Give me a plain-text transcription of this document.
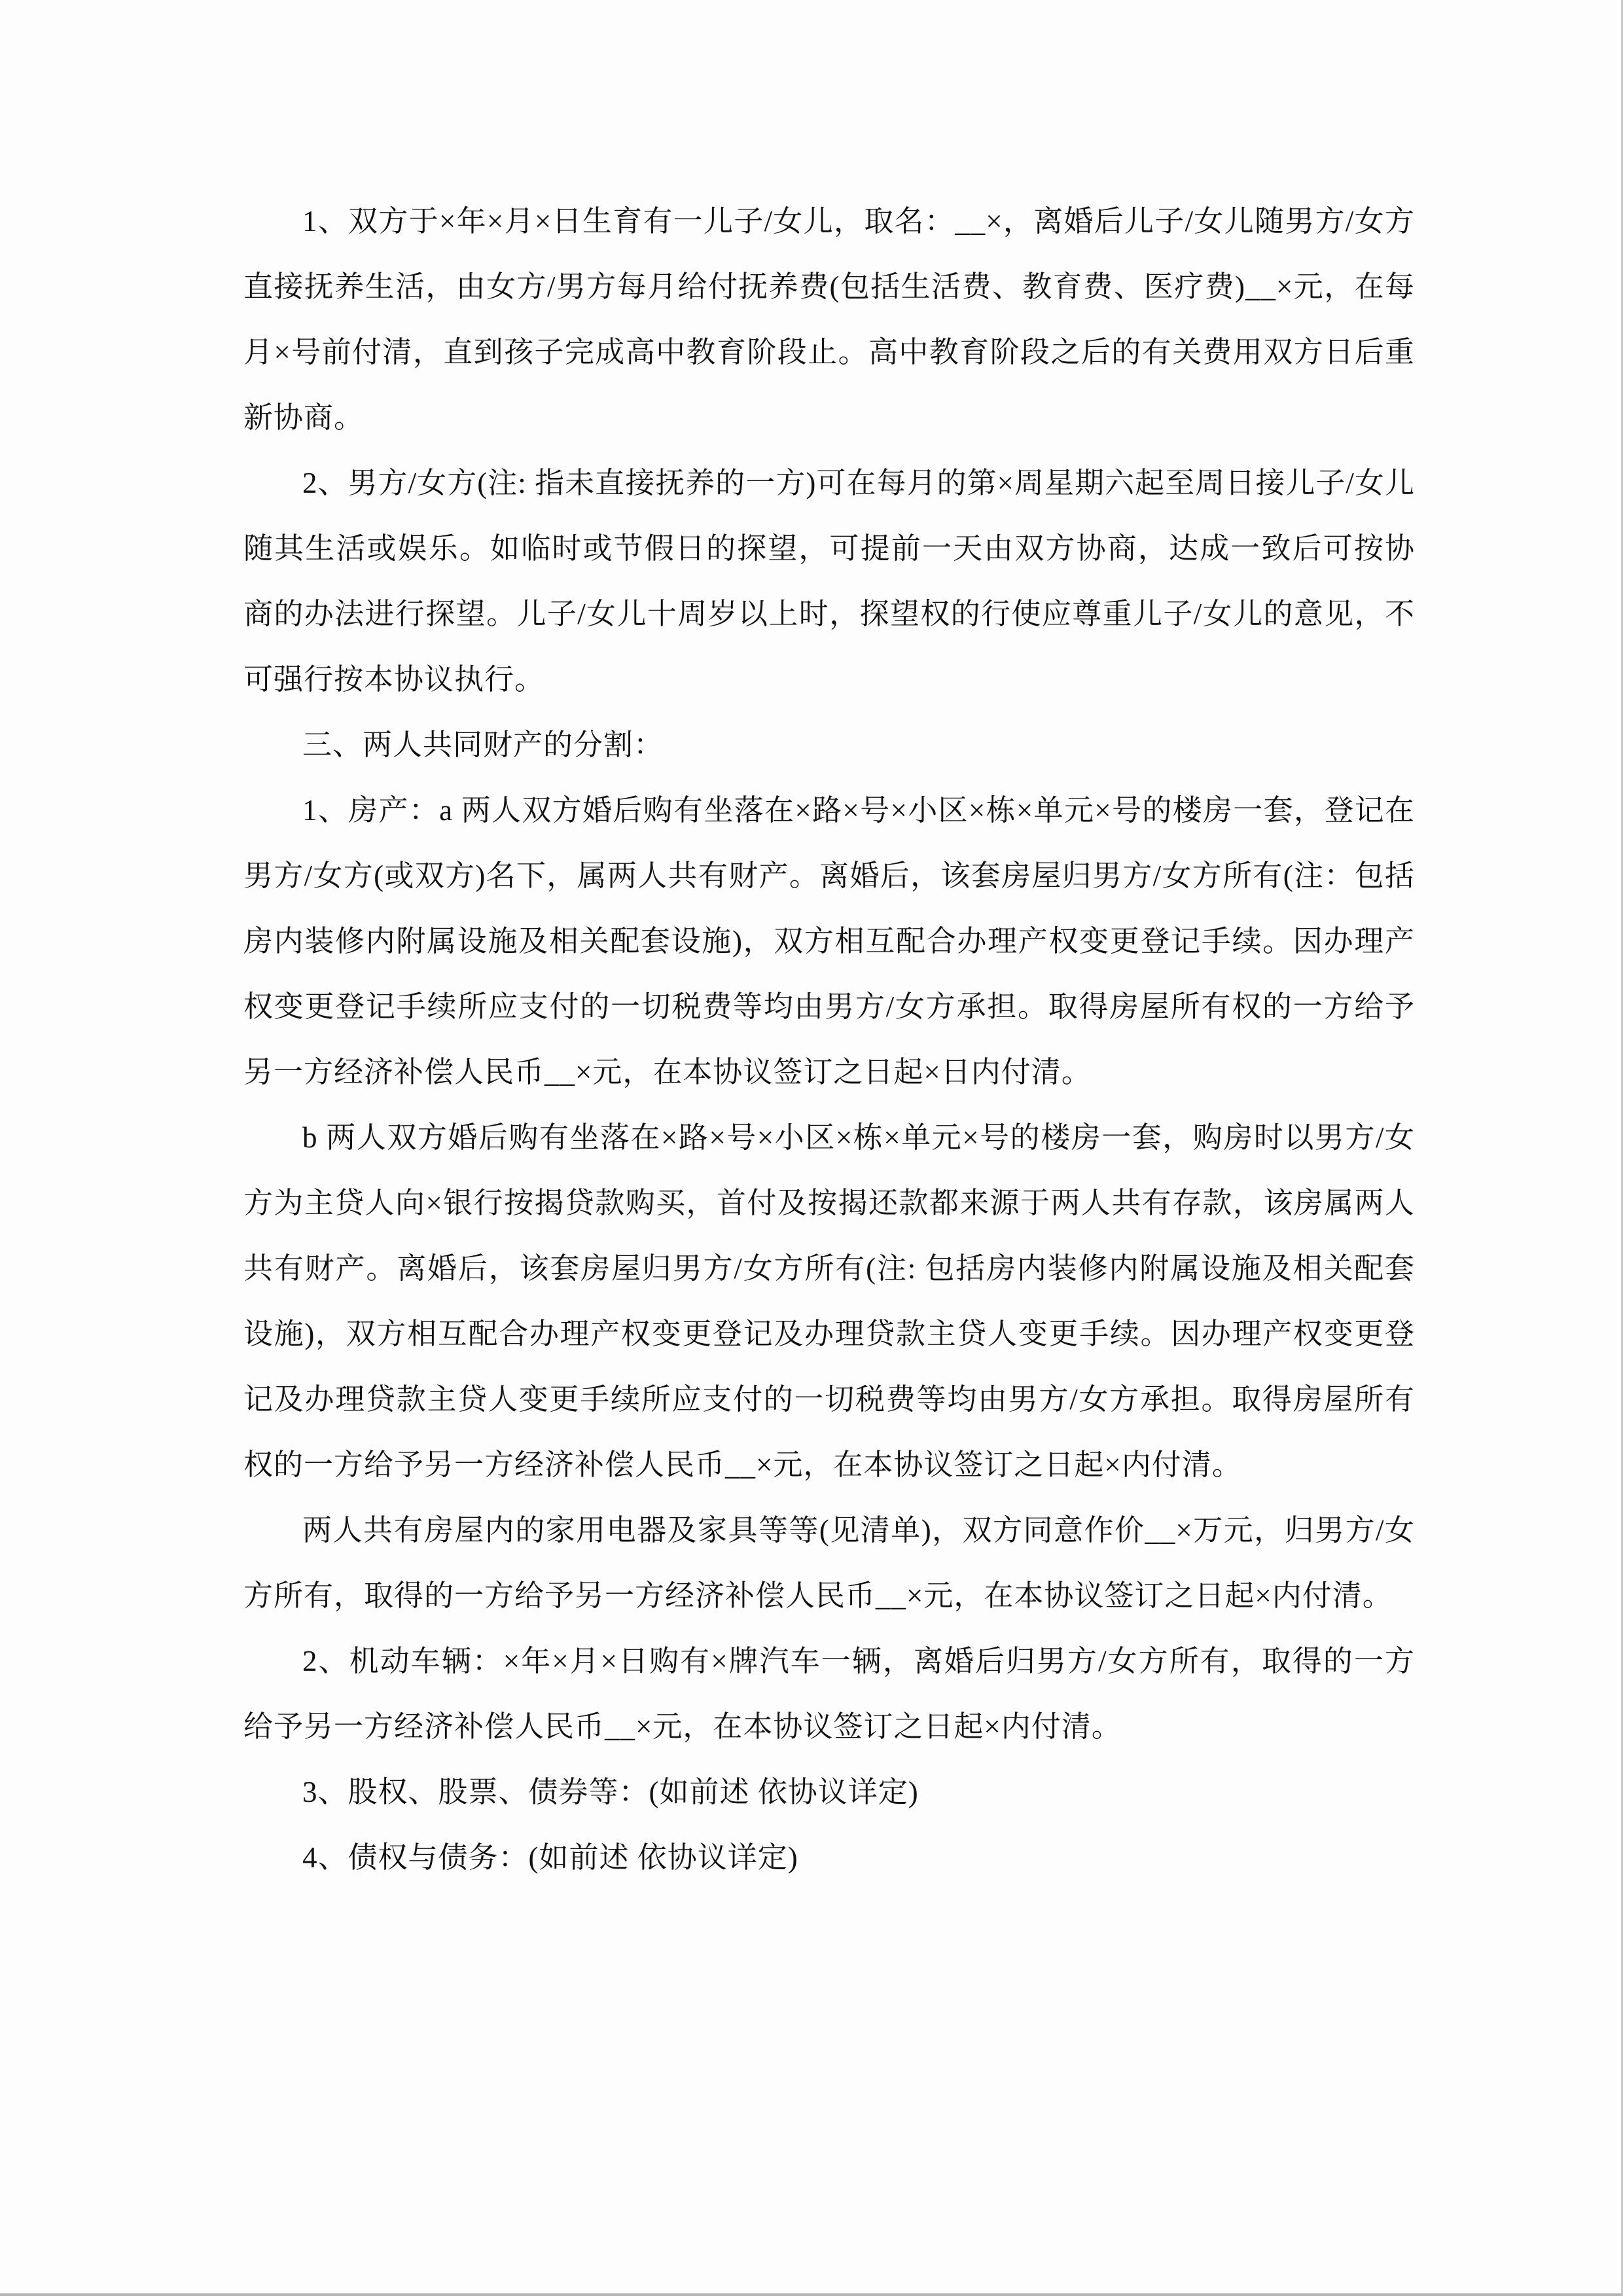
1、双方于×年×月×日生育有一儿子/女儿，取名：__×，离婚后儿子/女儿随男方/女方直接抚养生活，由女方/男方每月给付抚养费(包括生活费、教育费、医疗费)__×元，在每月×号前付清，直到孩子完成高中教育阶段止。高中教育阶段之后的有关费用双方日后重新协商。

2、男方/女方(注: 指未直接抚养的一方)可在每月的第×周星期六起至周日接儿子/女儿随其生活或娱乐。如临时或节假日的探望，可提前一天由双方协商，达成一致后可按协商的办法进行探望。儿子/女儿十周岁以上时，探望权的行使应尊重儿子/女儿的意见，不可强行按本协议执行。

三、两人共同财产的分割：

1、房产：a 两人双方婚后购有坐落在×路×号×小区×栋×单元×号的楼房一套，登记在男方/女方(或双方)名下，属两人共有财产。离婚后，该套房屋归男方/女方所有(注：包括房内装修内附属设施及相关配套设施)，双方相互配合办理产权变更登记手续。因办理产权变更登记手续所应支付的一切税费等均由男方/女方承担。取得房屋所有权的一方给予另一方经济补偿人民币__×元，在本协议签订之日起×日内付清。

b 两人双方婚后购有坐落在×路×号×小区×栋×单元×号的楼房一套，购房时以男方/女方为主贷人向×银行按揭贷款购买，首付及按揭还款都来源于两人共有存款，该房属两人共有财产。离婚后，该套房屋归男方/女方所有(注: 包括房内装修内附属设施及相关配套设施)，双方相互配合办理产权变更登记及办理贷款主贷人变更手续。因办理产权变更登记及办理贷款主贷人变更手续所应支付的一切税费等均由男方/女方承担。取得房屋所有权的一方给予另一方经济补偿人民币__×元，在本协议签订之日起×内付清。

两人共有房屋内的家用电器及家具等等(见清单)，双方同意作价__×万元，归男方/女方所有，取得的一方给予另一方经济补偿人民币__×元，在本协议签订之日起×内付清。

2、机动车辆：×年×月×日购有×牌汽车一辆，离婚后归男方/女方所有，取得的一方给予另一方经济补偿人民币__×元，在本协议签订之日起×内付清。

3、股权、股票、债券等：(如前述 依协议详定)

4、债权与债务：(如前述 依协议详定)
